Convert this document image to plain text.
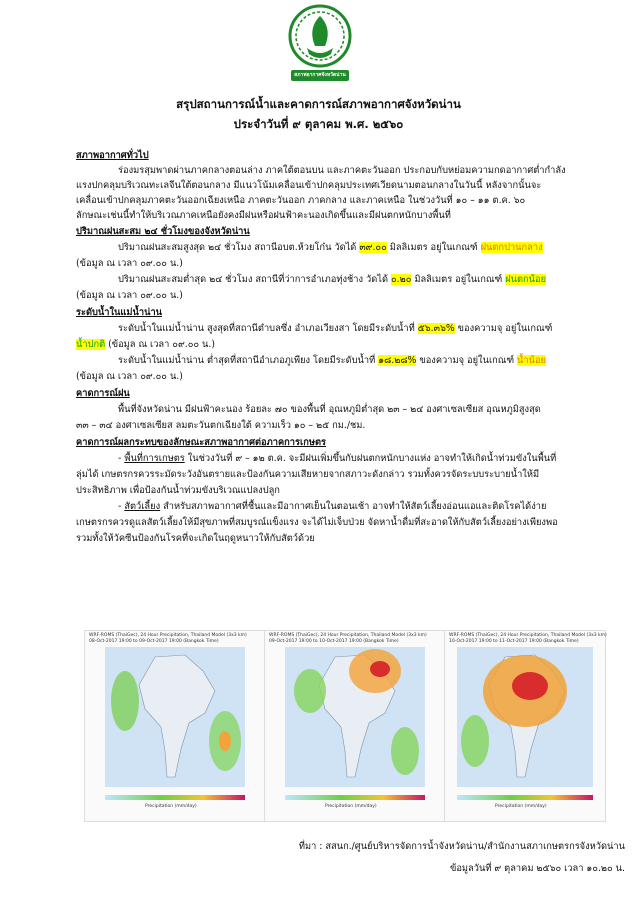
สภาพอากาศจังหวัดน่าน
สรุปสถานการณ์น้ำและคาดการณ์สภาพอากาศจังหวัดน่าน
ประจำวันที่ ๙ ตุลาคม พ.ศ. ๒๕๖๐
สภาพอากาศทั่วไป
ร่องมรสุมพาดผ่านภาคกลางตอนล่าง ภาคใต้ตอนบน และภาคตะวันออก ประกอบกับหย่อมความกดอากาศต่ำกำลัง
แรงปกคลุมบริเวณทะเลจีนใต้ตอนกลาง มีแนวโน้มเคลื่อนเข้าปกคลุมประเทศเวียดนามตอนกลางในวันนี้ หลังจากนั้นจะ
เคลื่อนเข้าปกคลุมภาคตะวันออกเฉียงเหนือ ภาคตะวันออก ภาคกลาง และภาคเหนือ ในช่วงวันที่ ๑๐ – ๑๑ ต.ค. ๖๐
ลักษณะเช่นนี้ทำให้บริเวณภาคเหนือยังคงมีฝนหรือฝนฟ้าคะนองเกิดขึ้นและมีฝนตกหนักบางพื้นที่
ปริมาณฝนสะสม ๒๔ ชั่วโมงของจังหวัดน่าน
ปริมาณฝนสะสมสูงสุด ๒๔ ชั่วโมง สถานีอบต.ห้วยโก๋น วัดได้ ๓๙.๐๐ มิลลิเมตร อยู่ในเกณฑ์ ฝนตกปานกลาง
(ข้อมูล ณ เวลา ๐๙.๐๐ น.)
ปริมาณฝนสะสมต่ำสุด ๒๔ ชั่วโมง สถานีที่ว่าการอำเภอทุ่งช้าง วัดได้ ๐.๒๐ มิลลิเมตร อยู่ในเกณฑ์ ฝนตกน้อย
(ข้อมูล ณ เวลา ๐๙.๐๐ น.)
ระดับน้ำในแม่น้ำน่าน
ระดับน้ำในแม่น้ำน่าน สูงสุดที่สถานีตำบลซึ่ง อำเภอเวียงสา โดยมีระดับน้ำที่ ๕๖.๓๖% ของความจุ อยู่ในเกณฑ์
น้ำปกติ (ข้อมูล ณ เวลา ๐๙.๐๐ น.)
ระดับน้ำในแม่น้ำน่าน ต่ำสุดที่สถานีอำเภอภูเพียง โดยมีระดับน้ำที่ ๑๘.๒๘% ของความจุ อยู่ในเกณฑ์ น้ำน้อย
(ข้อมูล ณ เวลา ๐๙.๐๐ น.)
คาดการณ์ฝน
พื้นที่จังหวัดน่าน มีฝนฟ้าคะนอง ร้อยละ ๗๐ ของพื้นที่ อุณหภูมิต่ำสุด ๒๓ – ๒๔ องศาเซลเซียส อุณหภูมิสูงสุด
๓๓ – ๓๔ องศาเซลเซียส ลมตะวันตกเฉียงใต้ ความเร็ว ๑๐ – ๒๕ กม./ชม.
คาดการณ์ผลกระทบของลักษณะสภาพอากาศต่อภาคการเกษตร
- พื้นที่การเกษตร ในช่วงวันที่ ๙ – ๑๒ ต.ค. จะมีฝนเพิ่มขึ้นกับฝนตกหนักบางแห่ง อาจทำให้เกิดน้ำท่วมขังในพื้นที่
ลุ่มได้ เกษตรกรควรระมัดระวังอันตรายและป้องกันความเสียหายจากสภาวะดังกล่าว รวมทั้งควรจัดระบบระบายน้ำให้มี
ประสิทธิภาพ เพื่อป้องกันน้ำท่วมขังบริเวณแปลงปลูก
- สัตว์เลี้ยง สำหรับสภาพอากาศที่ชื้นและมีอากาศเย็นในตอนเช้า อาจทำให้สัตว์เลี้ยงอ่อนแอและติดโรคได้ง่าย
เกษตรกรควรดูแลสัตว์เลี้ยงให้มีสุขภาพที่สมบูรณ์แข็งแรง จะได้ไม่เจ็บป่วย จัดหาน้ำดื่มที่สะอาดให้กับสัตว์เลี้ยงอย่างเพียงพอ
รวมทั้งให้วัคซีนป้องกันโรคที่จะเกิดในฤดูหนาวให้กับสัตว์ด้วย
WRF-ROMS (ThaiGec), 24 Hour Precipitation, Thailand Model (3x3 km)
08-Oct-2017 19:00 to 09-Oct-2017 19:00 (Bangkok Time)
Precipitation (mm/day)
WRF-ROMS (ThaiGec), 24 Hour Precipitation, Thailand Model (3x3 km)
09-Oct-2017 19:00 to 10-Oct-2017 19:00 (Bangkok Time)
Precipitation (mm/day)
WRF-ROMS (ThaiGec), 24 Hour Precipitation, Thailand Model (3x3 km)
10-Oct-2017 19:00 to 11-Oct-2017 19:00 (Bangkok Time)
Precipitation (mm/day)
ที่มา : สสนก./ศูนย์บริหารจัดการน้ำจังหวัดน่าน/สำนักงานสภาเกษตรกรจังหวัดน่าน
ข้อมูลวันที่ ๙ ตุลาคม ๒๕๖๐ เวลา ๑๐.๒๐ น.
